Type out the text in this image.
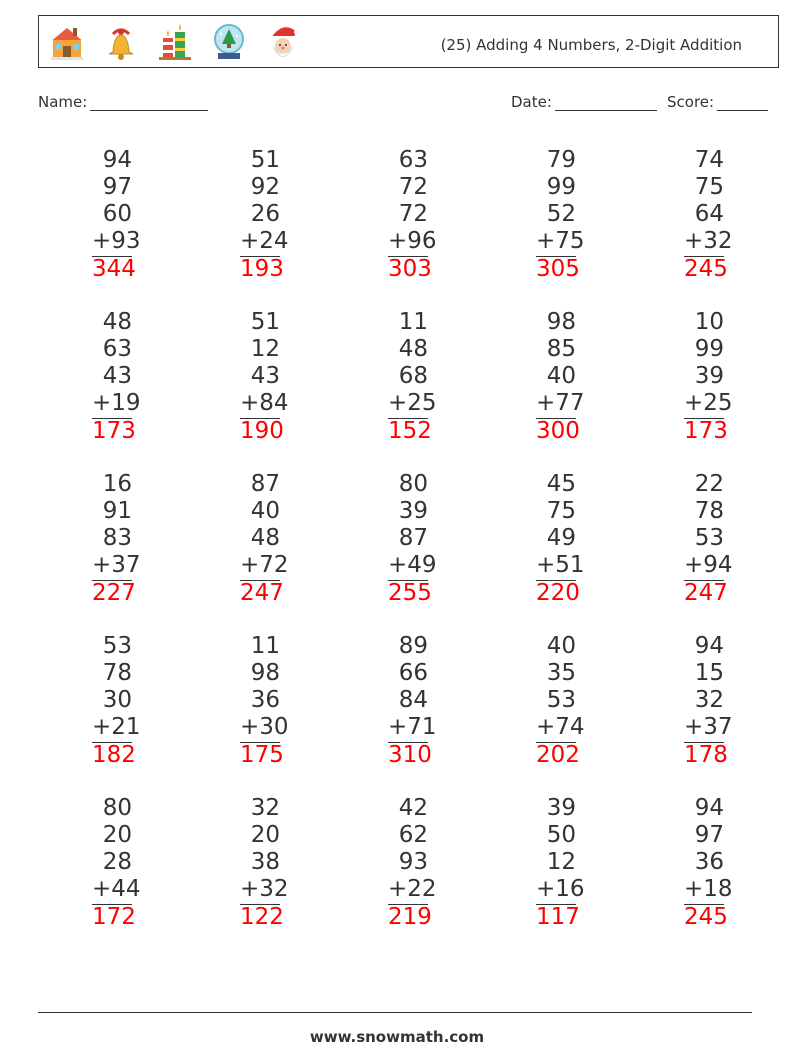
(25) Adding 4 Numbers, 2-Digit Addition
Name:	Date:	Score:
94
97
60
+93
344
51
92
26
+24
193
63
72
72
+96
303
79
99
52
+75
305
74
75
64
+32
245
48
63
43
+19
173
51
12
43
+84
190
11
48
68
+25
152
98
85
40
+77
300
10
99
39
+25
173
16
91
83
+37
227
87
40
48
+72
247
80
39
87
+49
255
45
75
49
+51
220
22
78
53
+94
247
53
78
30
+21
182
11
98
36
+30
175
89
66
84
+71
310
40
35
53
+74
202
94
15
32
+37
178
80
20
28
+44
172
32
20
38
+32
122
42
62
93
+22
219
39
50
12
+16
117
94
97
36
+18
245
www.snowmath.com
